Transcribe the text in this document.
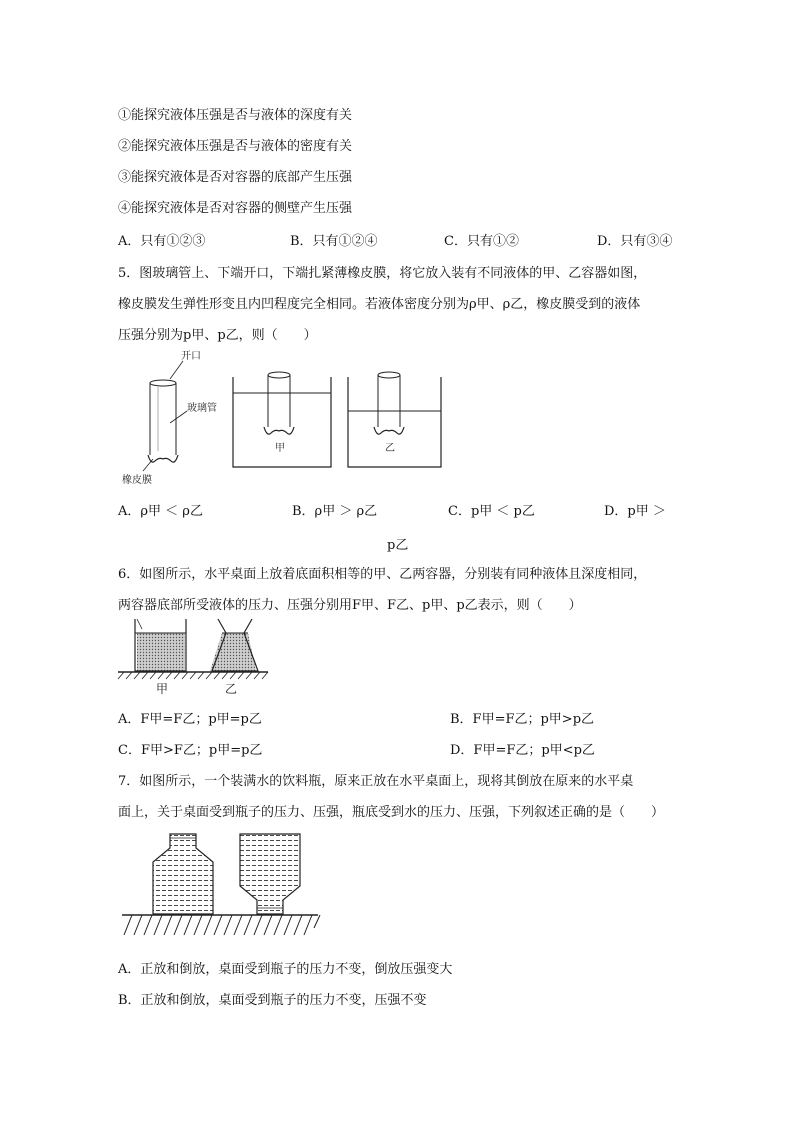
①能探究液体压强是否与液体的深度有关
②能探究液体压强是否与液体的密度有关
③能探究液体是否对容器的底部产生压强
④能探究液体是否对容器的侧壁产生压强
A．只有①②③	B．只有①②④	C．只有①②	D．只有③④
5．图玻璃管上、下端开口，下端扎紧薄橡皮膜，将它放入装有不同液体的甲、乙容器如图，
橡皮膜发生弹性形变且内凹程度完全相同。若液体密度分别为ρ甲、ρ乙，橡皮膜受到的液体
压强分别为p甲、p乙，则（　　）
开口
玻璃管
橡皮膜
甲	乙
A．ρ甲 ＜ ρ乙	B．ρ甲 ＞ ρ乙	C．p甲 ＜ p乙	D．p甲 ＞
p乙
6．如图所示，水平桌面上放着底面积相等的甲、乙两容器，分别装有同种液体且深度相同，
两容器底部所受液体的压力、压强分别用F甲、F乙、p甲、p乙表示，则（　　）
甲	乙
A．F甲=F乙；p甲=p乙	B．F甲=F乙；p甲>p乙
C．F甲>F乙；p甲=p乙	D．F甲=F乙；p甲<p乙
7．如图所示，一个装满水的饮料瓶，原来正放在水平桌面上，现将其倒放在原来的水平桌
面上，关于桌面受到瓶子的压力、压强，瓶底受到水的压力、压强，下列叙述正确的是（　　）
A．正放和倒放，桌面受到瓶子的压力不变，倒放压强变大
B．正放和倒放，桌面受到瓶子的压力不变，压强不变
